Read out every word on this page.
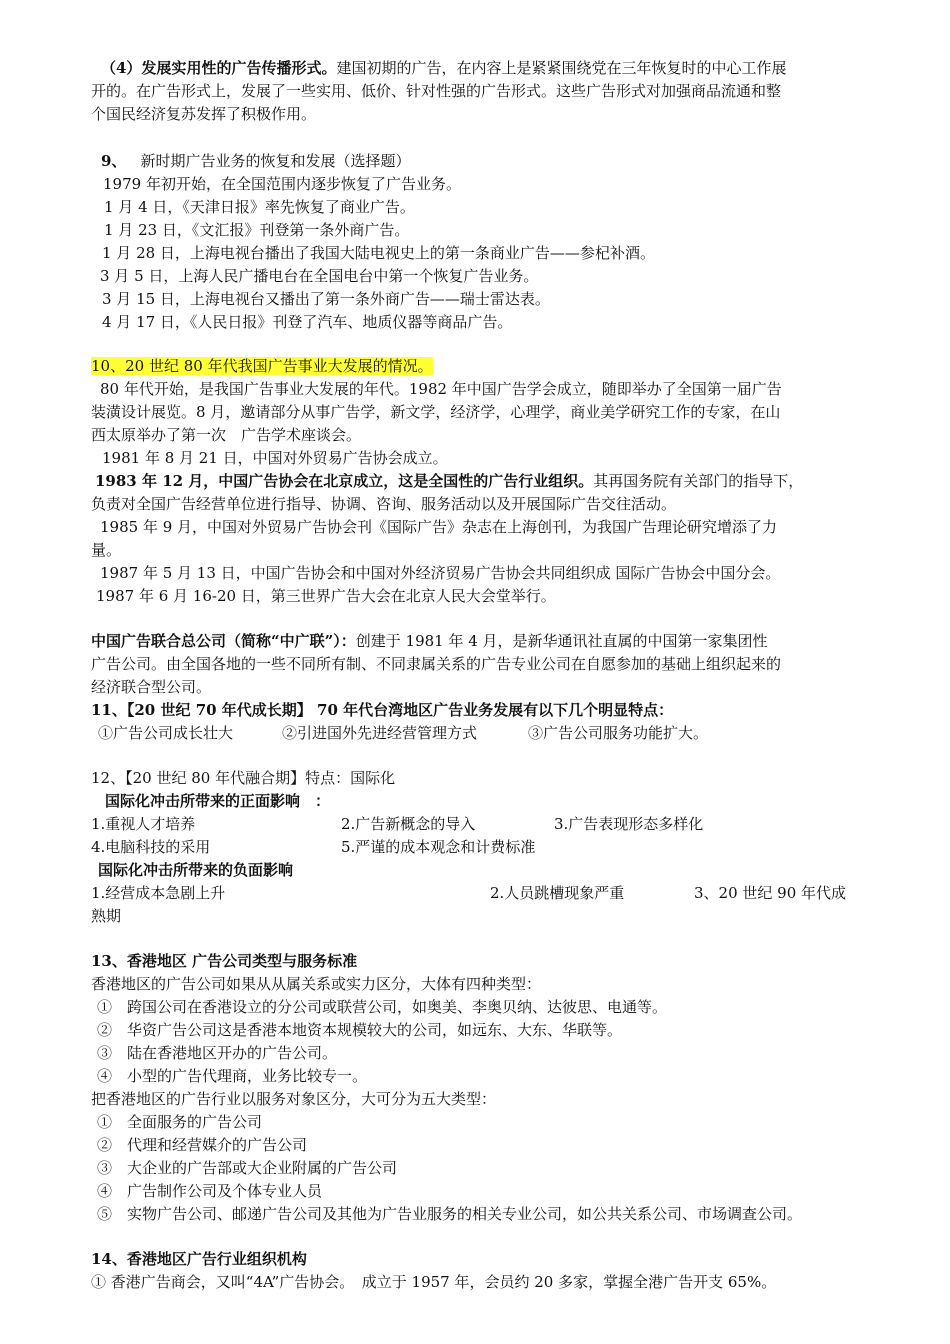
（4）发展实用性的广告传播形式。建国初期的广告，在内容上是紧紧围绕党在三年恢复时的中心工作展
开的。在广告形式上，发展了一些实用、低价、针对性强的广告形式。这些广告形式对加强商品流通和整
个国民经济复苏发挥了积极作用。
9、 新时期广告业务的恢复和发展（选择题）
1979 年初开始，在全国范围内逐步恢复了广告业务。
1 月 4 日，《天津日报》率先恢复了商业广告。
1 月 23 日，《文汇报》刊登第一条外商广告。
1 月 28 日，上海电视台播出了我国大陆电视史上的第一条商业广告——参杞补酒。
3 月 5 日，上海人民广播电台在全国电台中第一个恢复广告业务。
3 月 15 日，上海电视台又播出了第一条外商广告——瑞士雷达表。
4 月 17 日，《人民日报》刊登了汽车、地质仪器等商品广告。
10、20 世纪 80 年代我国广告事业大发展的情况。
80 年代开始，是我国广告事业大发展的年代。1982 年中国广告学会成立，随即举办了全国第一届广告
装潢设计展览。8 月，邀请部分从事广告学，新文学，经济学，心理学，商业美学研究工作的专家，在山
西太原举办了第一次　广告学术座谈会。
1981 年 8 月 21 日，中国对外贸易广告协会成立。
1983 年 12 月，中国广告协会在北京成立，这是全国性的广告行业组织。其再国务院有关部门的指导下，
负责对全国广告经营单位进行指导、协调、咨询、服务活动以及开展国际广告交往活动。
1985 年 9 月，中国对外贸易广告协会刊《国际广告》杂志在上海创刊，为我国广告理论研究增添了力
量。
1987 年 5 月 13 日，中国广告协会和中国对外经济贸易广告协会共同组织成 国际广告协会中国分会。
1987 年 6 月 16-20 日，第三世界广告大会在北京人民大会堂举行。
中国广告联合总公司（简称“中广联”）：创建于 1981 年 4 月，是新华通讯社直属的中国第一家集团性
广告公司。由全国各地的一些不同所有制、不同隶属关系的广告专业公司在自愿参加的基础上组织起来的
经济联合型公司。
11、【20 世纪 70 年代成长期】 70 年代台湾地区广告业务发展有以下几个明显特点：
①广告公司成长壮大	②引进国外先进经营管理方式	③广告公司服务功能扩大。
12、【20 世纪 80 年代融合期】特点：国际化
国际化冲击所带来的正面影响　：
1.重视人才培养	2.广告新概念的导入	3.广告表现形态多样化
4.电脑科技的采用	5.严谨的成本观念和计费标准
国际化冲击所带来的负面影响
1.经营成本急剧上升	2.人员跳槽现象严重	3、20 世纪 90 年代成
熟期
13、香港地区 广告公司类型与服务标准
香港地区的广告公司如果从从属关系或实力区分，大体有四种类型：
①　跨国公司在香港设立的分公司或联营公司，如奥美、李奥贝纳、达彼思、电通等。
②　华资广告公司这是香港本地资本规模较大的公司，如远东、大东、华联等。
③　陆在香港地区开办的广告公司。
④　小型的广告代理商，业务比较专一。
把香港地区的广告行业以服务对象区分，大可分为五大类型：
①　全面服务的广告公司
②　代理和经营媒介的广告公司
③　大企业的广告部或大企业附属的广告公司
④　广告制作公司及个体专业人员
⑤　实物广告公司、邮递广告公司及其他为广告业服务的相关专业公司，如公共关系公司、市场调查公司。
14、香港地区广告行业组织机构
① 香港广告商会，又叫“4A”广告协会。　成立于 1957 年，会员约 20 多家，掌握全港广告开支 65%。
